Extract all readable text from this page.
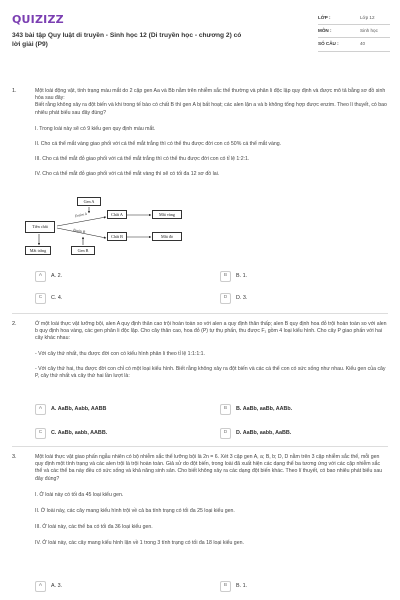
QUIZIZZ
343 bài tập Quy luật di truyền - Sinh học 12 (Di truyền học - chương 2) có lời giải (P9)
LỚP :	Lớp 12
MÔN :	Sinh học
SỐ CÂU :	40
1.	Một loài động vật, tính trạng màu mắt do 2 cặp gen Aa và Bb nằm trên nhiễm sắc thể thường và phân li độc lập quy định và được mô tả bằng sơ đồ sinh hóa sau đây:

Biết rằng không xảy ra đột biến và khi trong tế bào có chất B thì gen A bị bất hoạt; các alen lặn a và b không tổng hợp được enzim. Theo lí thuyết, có bao nhiêu phát biểu sau đây đúng?

I. Trong loài này sẽ có 9 kiểu gen quy định màu mắt.

II. Cho cá thể mắt vàng giao phối với cá thể mắt trắng thì có thể thu được đời con có 50% cá thể mắt vàng.

III. Cho cá thể mắt đỏ giao phối với cá thể mắt trắng thì có thể thu được đời con có tỉ lệ 1:2:1.

IV. Cho cá thể mắt đỏ giao phối với cá thể mắt vàng thì sẽ có tối đa 12 sơ đồ lai.

Gen A
Enzim A
Tiền chất
Chất A	Mắt vàng
Enzim B
Chất B	Mắt đỏ
Mắt trắng	Gen B
A	A. 2.	B	B. 1.
C	C. 4.	D	D. 3.
2.	Ở một loài thực vật lưỡng bội, alen A quy định thân cao trội hoàn toàn so với alen a quy định thân thấp; alen B quy định hoa đỏ trội hoàn toàn so với alen b quy định hoa vàng, các gen phân li độc lập. Cho cây thân cao, hoa đỏ (P) tự thụ phấn, thu được F₁ gồm 4 loại kiểu hình. Cho cây P giao phấn với hai cây khác nhau:

- Với cây thứ nhất, thu được đời con có kiểu hình phân li theo tỉ lệ 1:1:1:1.

- Với cây thứ hai, thu được đời con chỉ có một loại kiểu hình. Biết rằng không xảy ra đột biến và các cá thể con có sức sống như nhau. Kiểu gen của cây P, cây thứ nhất và cây thứ hai lần lượt là:

A	A. AaBb, Aabb, AABB	B	B. AaBb, aaBb, AABb.
C	C. AaBb, aabb, AABB.	D	D. AaBb, aabb, AaBB.
3.	Một loài thực vật giao phấn ngẫu nhiên có bộ nhiễm sắc thể lưỡng bội là 2n = 6. Xét 3 cặp gen A, a; B, b; D, D nằm trên 3 cặp nhiễm sắc thể, mỗi gen quy định một tính trạng và các alen trội là trội hoàn toàn. Giả sử do đột biến, trong loài đã xuất hiện các dạng thể ba tương ứng với các cặp nhiễm sắc thể và các thể ba này đều có sức sống và khả năng sinh sản. Cho biết không xảy ra các dạng đột biến khác. Theo lí thuyết, có bao nhiêu phát biểu sau đây đúng?

I. Ở loài này có tối đa 45 loại kiểu gen.

II. Ở loài này, các cây mang kiểu hình trội về cả ba tính trạng có tối đa 25 loại kiểu gen.

III. Ở loài này, các thể ba có tối đa 36 loại kiểu gen.

IV. Ở loài này, các cây mang kiểu hình lặn về 1 trong 3 tính trạng có tối đa 18 loại kiểu gen.

A	A. 3.	B	B. 1.
